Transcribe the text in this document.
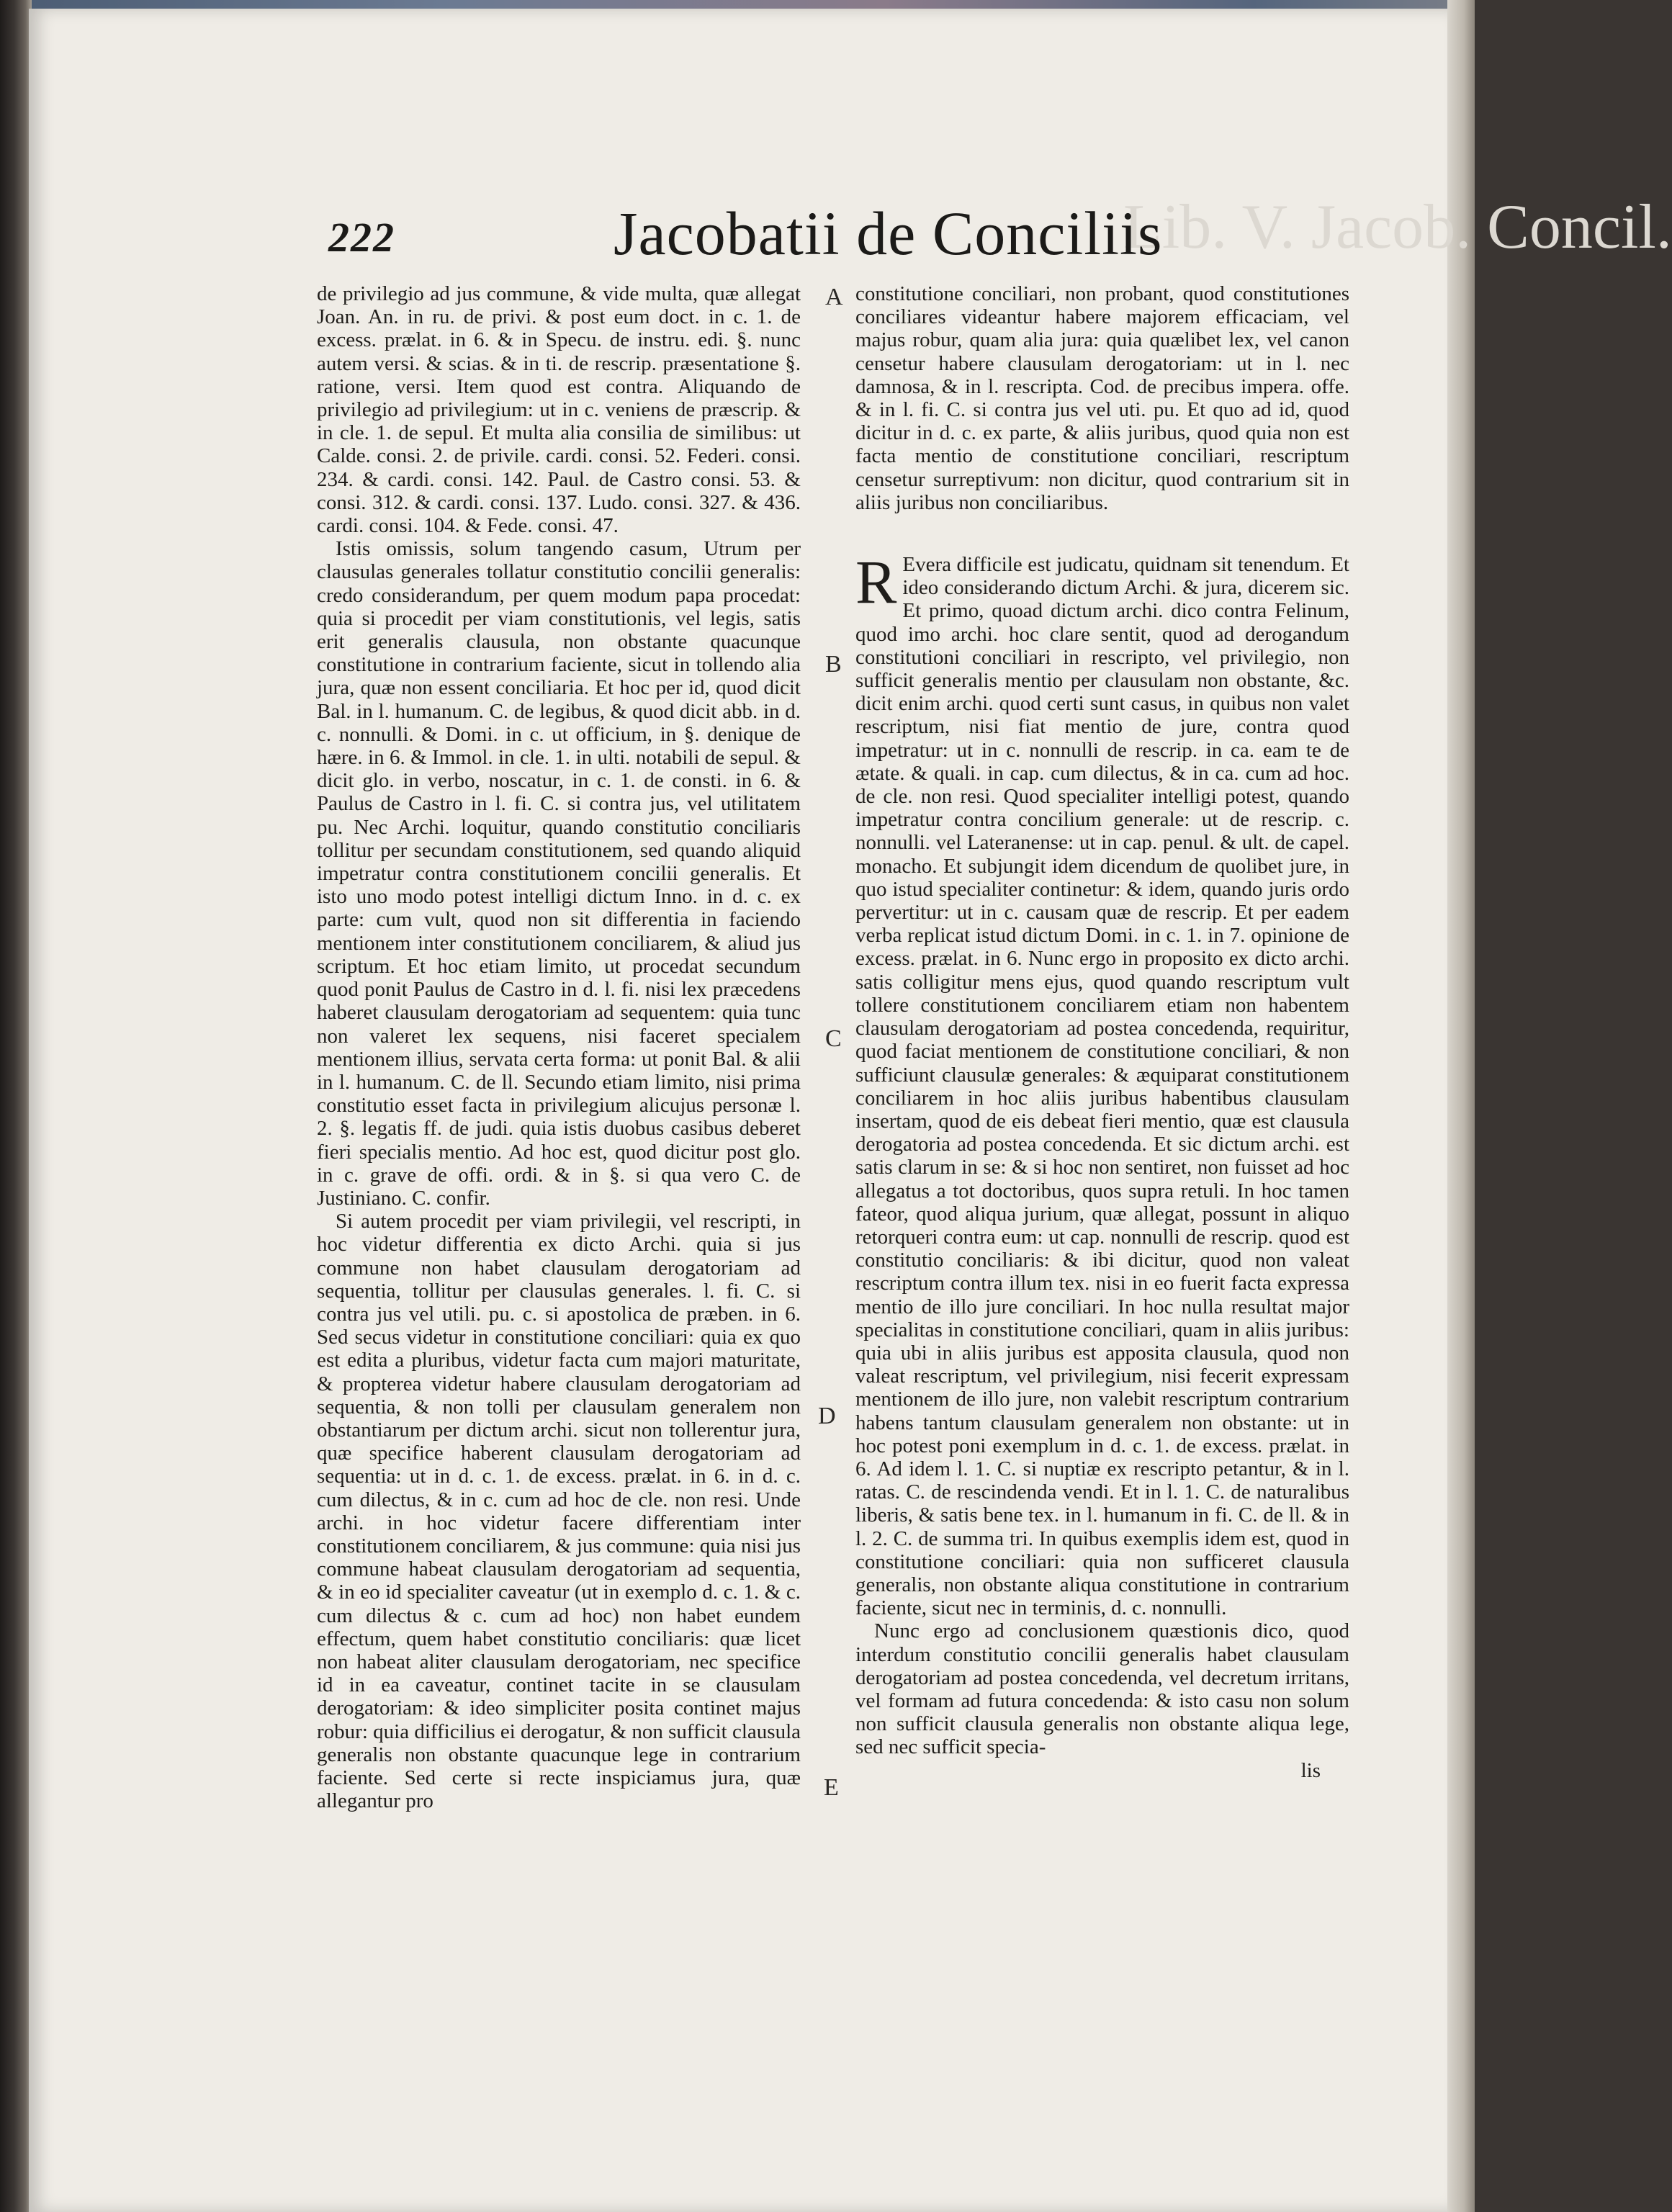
Lib. V. Jacob. Concil.
222	Jacobatii de Conciliis

de privilegio ad jus commune, & vide multa, quæ allegat Joan. An. in ru. de privi. & post eum doct. in c. 1. de excess. prælat. in 6. & in Specu. de instru. edi. §. nunc autem versi. & scias. & in ti. de rescrip. præsentatione §. ratione, versi. Item quod est contra. Aliquando de privilegio ad privilegium: ut in c. veniens de præscrip. & in cle. 1. de sepul. Et multa alia consilia de similibus: ut Calde. consi. 2. de privile. cardi. consi. 52. Federi. consi. 234. & cardi. consi. 142. Paul. de Castro consi. 53. & consi. 312. & cardi. consi. 137. Ludo. consi. 327. & 436. cardi. consi. 104. & Fede. consi. 47.

Istis omissis, solum tangendo casum, Utrum per clausulas generales tollatur constitutio concilii generalis: credo considerandum, per quem modum papa procedat: quia si procedit per viam constitutionis, vel legis, satis erit generalis clausula, non obstante quacunque constitutione in contrarium faciente, sicut in tollendo alia jura, quæ non essent conciliaria. Et hoc per id, quod dicit Bal. in l. humanum. C. de legibus, & quod dicit abb. in d. c. nonnulli. & Domi. in c. ut officium, in §. denique de hære. in 6. & Immol. in cle. 1. in ulti. notabili de sepul. & dicit glo. in verbo, noscatur, in c. 1. de consti. in 6. & Paulus de Castro in l. fi. C. si contra jus, vel utilitatem pu. Nec Archi. loquitur, quando constitutio conciliaris tollitur per secundam constitutionem, sed quando aliquid impetratur contra constitutionem concilii generalis. Et isto uno modo potest intelligi dictum Inno. in d. c. ex parte: cum vult, quod non sit differentia in faciendo mentionem inter constitutionem conciliarem, & aliud jus scriptum. Et hoc etiam limito, ut procedat secundum quod ponit Paulus de Castro in d. l. fi. nisi lex præcedens haberet clausulam derogatoriam ad sequentem: quia tunc non valeret lex sequens, nisi faceret specialem mentionem illius, servata certa forma: ut ponit Bal. & alii in l. humanum. C. de ll. Secundo etiam limito, nisi prima constitutio esset facta in privilegium alicujus personæ l. 2. §. legatis ff. de judi. quia istis duobus casibus deberet fieri specialis mentio. Ad hoc est, quod dicitur post glo. in c. grave de offi. ordi. & in §. si qua vero C. de Justiniano. C. confir.

Si autem procedit per viam privilegii, vel rescripti, in hoc videtur differentia ex dicto Archi. quia si jus commune non habet clausulam derogatoriam ad sequentia, tollitur per clausulas generales. l. fi. C. si contra jus vel utili. pu. c. si apostolica de præben. in 6. Sed secus videtur in constitutione conciliari: quia ex quo est edita a pluribus, videtur facta cum majori maturitate, & propterea videtur habere clausulam derogatoriam ad sequentia, & non tolli per clausulam generalem non obstantiarum per dictum archi. sicut non tollerentur jura, quæ specifice haberent clausulam derogatoriam ad sequentia: ut in d. c. 1. de excess. prælat. in 6. in d. c. cum dilectus, & in c. cum ad hoc de cle. non resi. Unde archi. in hoc videtur facere differentiam inter constitutionem conciliarem, & jus commune: quia nisi jus commune habeat clausulam derogatoriam ad sequentia, & in eo id specialiter caveatur (ut in exemplo d. c. 1. & c. cum dilectus & c. cum ad hoc) non habet eundem effectum, quem habet constitutio conciliaris: quæ licet non habeat aliter clausulam derogatoriam, nec specifice id in ea caveatur, continet tacite in se clausulam derogatoriam: & ideo simpliciter posita continet majus robur: quia difficilius ei derogatur, & non sufficit clausula generalis non obstante quacunque lege in contrarium faciente. Sed certe si recte inspiciamus jura, quæ allegantur pro

A
B
C
D
E

constitutione conciliari, non probant, quod constitutiones conciliares videantur habere majorem efficaciam, vel majus robur, quam alia jura: quia quælibet lex, vel canon censetur habere clausulam derogatoriam: ut in l. nec damnosa, & in l. rescripta. Cod. de precibus impera. offe. & in l. fi. C. si contra jus vel uti. pu. Et quo ad id, quod dicitur in d. c. ex parte, & aliis juribus, quod quia non est facta mentio de constitutione conciliari, rescriptum censetur surreptivum: non dicitur, quod contrarium sit in aliis juribus non conciliaribus.

R Evera difficile est judicatu, quidnam sit tenendum. Et ideo considerando dictum Archi. & jura, dicerem sic. Et primo, quoad dictum archi. dico contra Felinum, quod imo archi. hoc clare sentit, quod ad derogandum constitutioni conciliari in rescripto, vel privilegio, non sufficit generalis mentio per clausulam non obstante, &c. dicit enim archi. quod certi sunt casus, in quibus non valet rescriptum, nisi fiat mentio de jure, contra quod impetratur: ut in c. nonnulli de rescrip. in ca. eam te de ætate. & quali. in cap. cum dilectus, & in ca. cum ad hoc. de cle. non resi. Quod specialiter intelligi potest, quando impetratur contra concilium generale: ut de rescrip. c. nonnulli. vel Lateranense: ut in cap. penul. & ult. de capel. monacho. Et subjungit idem dicendum de quolibet jure, in quo istud specialiter continetur: & idem, quando juris ordo pervertitur: ut in c. causam quæ de rescrip. Et per eadem verba replicat istud dictum Domi. in c. 1. in 7. opinione de excess. prælat. in 6. Nunc ergo in proposito ex dicto archi. satis colligitur mens ejus, quod quando rescriptum vult tollere constitutionem conciliarem etiam non habentem clausulam derogatoriam ad postea concedenda, requiritur, quod faciat mentionem de constitutione conciliari, & non sufficiunt clausulæ generales: & æquiparat constitutionem conciliarem in hoc aliis juribus habentibus clausulam insertam, quod de eis debeat fieri mentio, quæ est clausula derogatoria ad postea concedenda. Et sic dictum archi. est satis clarum in se: & si hoc non sentiret, non fuisset ad hoc allegatus a tot doctoribus, quos supra retuli. In hoc tamen fateor, quod aliqua jurium, quæ allegat, possunt in aliquo retorqueri contra eum: ut cap. nonnulli de rescrip. quod est constitutio conciliaris: & ibi dicitur, quod non valeat rescriptum contra illum tex. nisi in eo fuerit facta expressa mentio de illo jure conciliari. In hoc nulla resultat major specialitas in constitutione conciliari, quam in aliis juribus: quia ubi in aliis juribus est apposita clausula, quod non valeat rescriptum, vel privilegium, nisi fecerit expressam mentionem de illo jure, non valebit rescriptum contrarium habens tantum clausulam generalem non obstante: ut in hoc potest poni exemplum in d. c. 1. de excess. prælat. in 6. Ad idem l. 1. C. si nuptiæ ex rescripto petantur, & in l. ratas. C. de rescindenda vendi. Et in l. 1. C. de naturalibus liberis, & satis bene tex. in l. humanum in fi. C. de ll. & in l. 2. C. de summa tri. In quibus exemplis idem est, quod in constitutione conciliari: quia non sufficeret clausula generalis, non obstante aliqua constitutione in contrarium faciente, sicut nec in terminis, d. c. nonnulli.

Nunc ergo ad conclusionem quæstionis dico, quod interdum constitutio concilii generalis habet clausulam derogatoriam ad postea concedenda, vel decretum irritans, vel formam ad futura concedenda: & isto casu non solum non sufficit clausula generalis non obstante aliqua lege, sed nec sufficit specia-

lis
